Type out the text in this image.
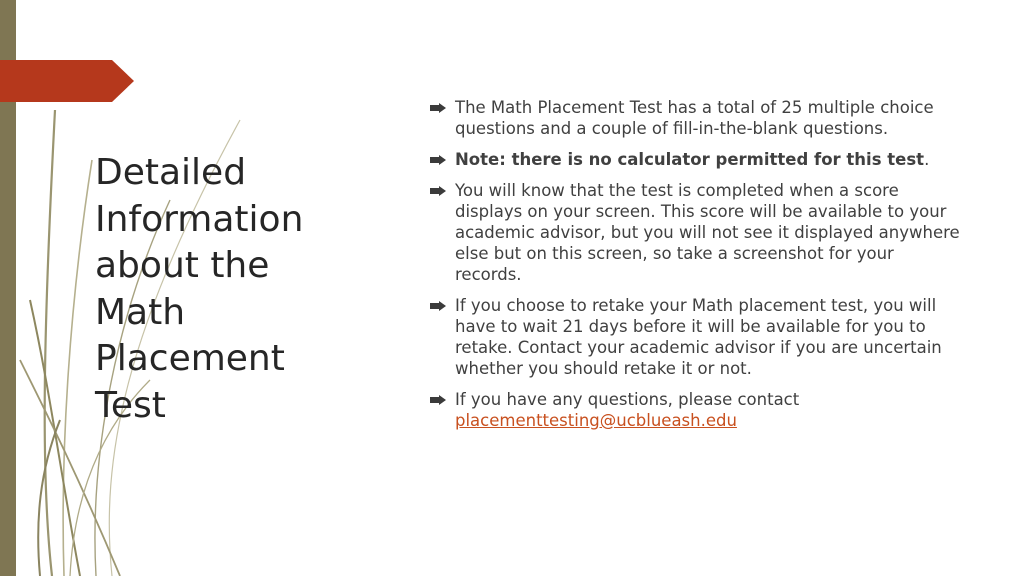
Detailed Information about the Math Placement Test
The Math Placement Test has a total of 25 multiple choice questions and a couple of fill-in-the-blank questions.
Note: there is no calculator permitted for this test.
You will know that the test is completed when a score displays on your screen. This score will be available to your academic advisor, but you will not see it displayed anywhere else but on this screen, so take a screenshot for your records.
If you choose to retake your Math placement test, you will have to wait 21 days before it will be available for you to retake. Contact your academic advisor if you are uncertain whether you should retake it or not.
If you have any questions, please contact
placementtesting@ucblueash.edu
